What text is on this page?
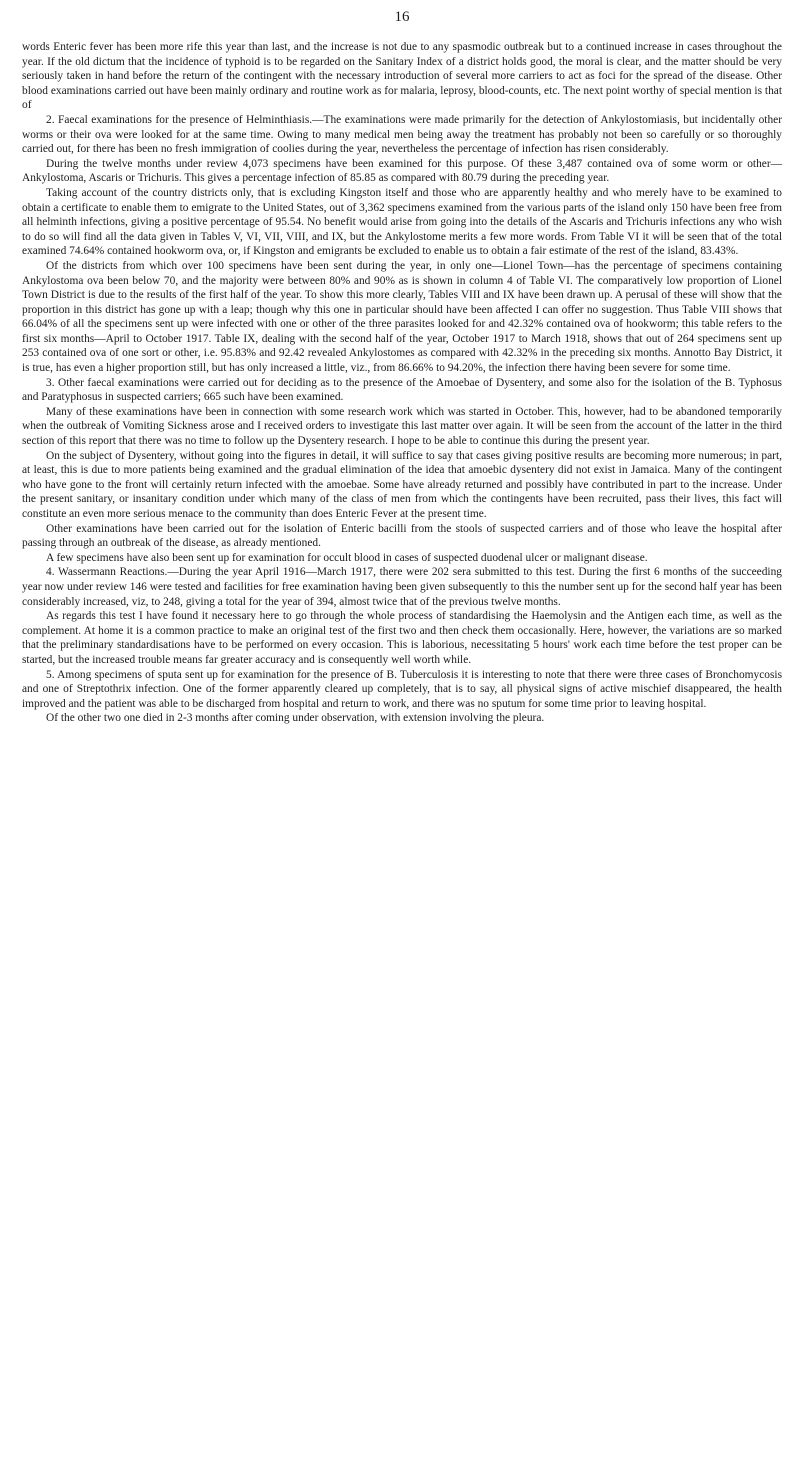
16

words Enteric fever has been more rife this year than last, and the increase is not due to any spasmodic outbreak but to a continued increase in cases throughout the year. If the old dictum that the incidence of typhoid is to be regarded on the Sanitary Index of a district holds good, the moral is clear, and the matter should be very seriously taken in hand before the return of the contingent with the necessary introduction of several more carriers to act as foci for the spread of the disease. Other blood examinations carried out have been mainly ordinary and routine work as for malaria, leprosy, blood-counts, etc. The next point worthy of special mention is that of

2. Faecal examinations for the presence of Helminthiasis.—The examinations were made primarily for the detection of Ankylostomiasis, but incidentally other worms or their ova were looked for at the same time. Owing to many medical men being away the treatment has probably not been so carefully or so thoroughly carried out, for there has been no fresh immigration of coolies during the year, nevertheless the percentage of infection has risen considerably.

During the twelve months under review 4,073 specimens have been examined for this purpose. Of these 3,487 contained ova of some worm or other—Ankylostoma, Ascaris or Trichuris. This gives a percentage infection of 85.85 as compared with 80.79 during the preceding year.

Taking account of the country districts only, that is excluding Kingston itself and those who are apparently healthy and who merely have to be examined to obtain a certificate to enable them to emigrate to the United States, out of 3,362 specimens examined from the various parts of the island only 150 have been free from all helminth infections, giving a positive percentage of 95.54. No benefit would arise from going into the details of the Ascaris and Trichuris infections any who wish to do so will find all the data given in Tables V, VI, VII, VIII, and IX, but the Ankylostome merits a few more words. From Table VI it will be seen that of the total examined 74.64% contained hookworm ova, or, if Kingston and emigrants be excluded to enable us to obtain a fair estimate of the rest of the island, 83.43%.

Of the districts from which over 100 specimens have been sent during the year, in only one—Lionel Town—has the percentage of specimens containing Ankylostoma ova been below 70, and the majority were between 80% and 90% as is shown in column 4 of Table VI. The comparatively low proportion of Lionel Town District is due to the results of the first half of the year. To show this more clearly, Tables VIII and IX have been drawn up. A perusal of these will show that the proportion in this district has gone up with a leap; though why this one in particular should have been affected I can offer no suggestion. Thus Table VIII shows that 66.04% of all the specimens sent up were infected with one or other of the three parasites looked for and 42.32% contained ova of hookworm; this table refers to the first six months—April to October 1917. Table IX, dealing with the second half of the year, October 1917 to March 1918, shows that out of 264 specimens sent up 253 contained ova of one sort or other, i.e. 95.83% and 92.42 revealed Ankylostomes as compared with 42.32% in the preceding six months. Annotto Bay District, it is true, has even a higher proportion still, but has only increased a little, viz., from 86.66% to 94.20%, the infection there having been severe for some time.

3. Other faecal examinations were carried out for deciding as to the presence of the Amoebae of Dysentery, and some also for the isolation of the B. Typhosus and Paratyphosus in suspected carriers; 665 such have been examined.

Many of these examinations have been in connection with some research work which was started in October. This, however, had to be abandoned temporarily when the outbreak of Vomiting Sickness arose and I received orders to investigate this last matter over again. It will be seen from the account of the latter in the third section of this report that there was no time to follow up the Dysentery research. I hope to be able to continue this during the present year.

On the subject of Dysentery, without going into the figures in detail, it will suffice to say that cases giving positive results are becoming more numerous; in part, at least, this is due to more patients being examined and the gradual elimination of the idea that amoebic dysentery did not exist in Jamaica. Many of the contingent who have gone to the front will certainly return infected with the amoebae. Some have already returned and possibly have contributed in part to the increase. Under the present sanitary, or insanitary condition under which many of the class of men from which the contingents have been recruited, pass their lives, this fact will constitute an even more serious menace to the community than does Enteric Fever at the present time.

Other examinations have been carried out for the isolation of Enteric bacilli from the stools of suspected carriers and of those who leave the hospital after passing through an outbreak of the disease, as already mentioned.

A few specimens have also been sent up for examination for occult blood in cases of suspected duodenal ulcer or malignant disease.

4. Wassermann Reactions.—During the year April 1916—March 1917, there were 202 sera submitted to this test. During the first 6 months of the succeeding year now under review 146 were tested and facilities for free examination having been given subsequently to this the number sent up for the second half year has been considerably increased, viz, to 248, giving a total for the year of 394, almost twice that of the previous twelve months.

As regards this test I have found it necessary here to go through the whole process of standardising the Haemolysin and the Antigen each time, as well as the complement. At home it is a common practice to make an original test of the first two and then check them occasionally. Here, however, the variations are so marked that the preliminary standardisations have to be performed on every occasion. This is laborious, necessitating 5 hours' work each time before the test proper can be started, but the increased trouble means far greater accuracy and is consequently well worth while.

5. Among specimens of sputa sent up for examination for the presence of B. Tuberculosis it is interesting to note that there were three cases of Bronchomycosis and one of Streptothrix infection. One of the former apparently cleared up completely, that is to say, all physical signs of active mischief disappeared, the health improved and the patient was able to be discharged from hospital and return to work, and there was no sputum for some time prior to leaving hospital.

Of the other two one died in 2-3 months after coming under observation, with extension involving the pleura.
